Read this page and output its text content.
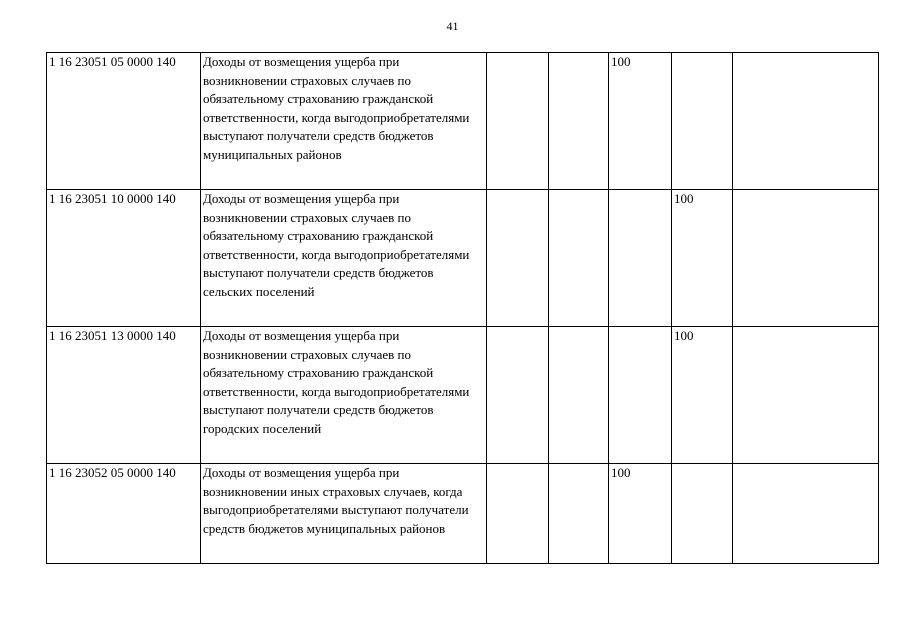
41
1 16 23051 05 0000 140	Доходы от возмещения ущерба при возникновении страховых случаев по обязательному страхованию гражданской ответственности, когда выгодоприобретателями выступают получатели средств бюджетов муниципальных районов			100		
1 16 23051 10 0000 140	Доходы от возмещения ущерба при возникновении страховых случаев по обязательному страхованию гражданской ответственности, когда выгодоприобретателями выступают получатели средств бюджетов сельских поселений				100	
1 16 23051 13 0000 140	Доходы от возмещения ущерба при возникновении страховых случаев по обязательному страхованию гражданской ответственности, когда выгодоприобретателями выступают получатели средств бюджетов городских поселений				100	
1 16 23052 05 0000 140	Доходы от возмещения ущерба при возникновении иных страховых случаев, когда выгодоприобретателями выступают получатели средств бюджетов муниципальных районов			100		
